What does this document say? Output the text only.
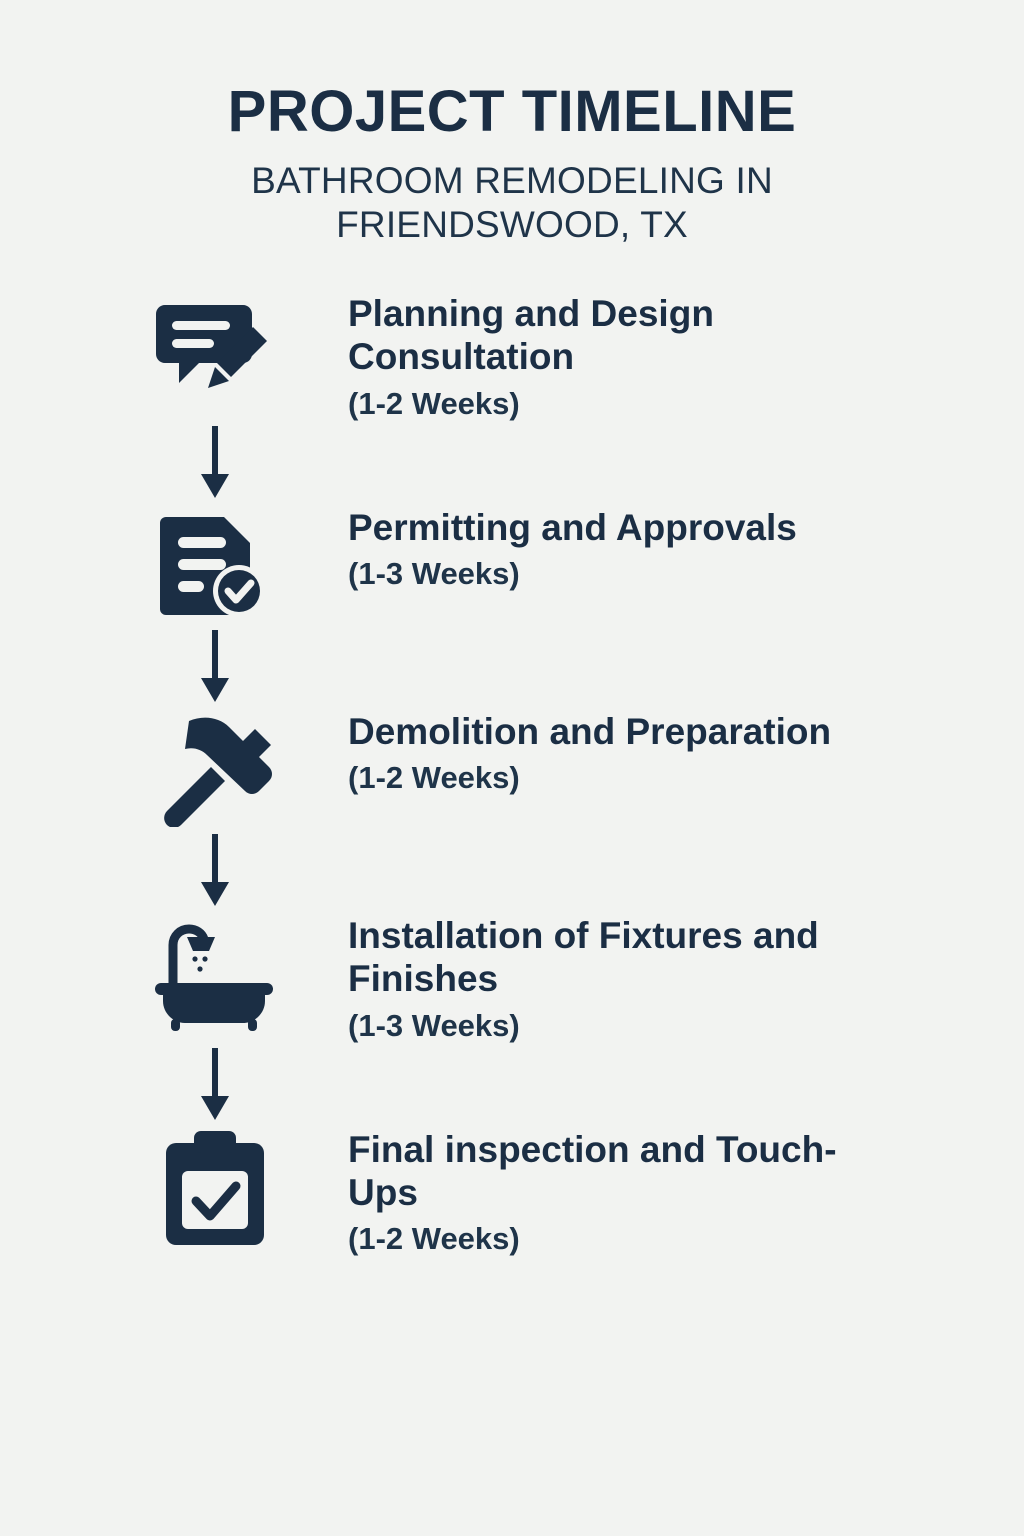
PROJECT TIMELINE
BATHROOM REMODELING IN FRIENDSWOOD, TX
Planning and Design Consultation
(1-2 Weeks)
Permitting and Approvals
(1-3 Weeks)
Demolition and Preparation
(1-2 Weeks)
Installation of Fixtures and Finishes
(1-3 Weeks)
Final inspection and Touch-Ups
(1-2 Weeks)
